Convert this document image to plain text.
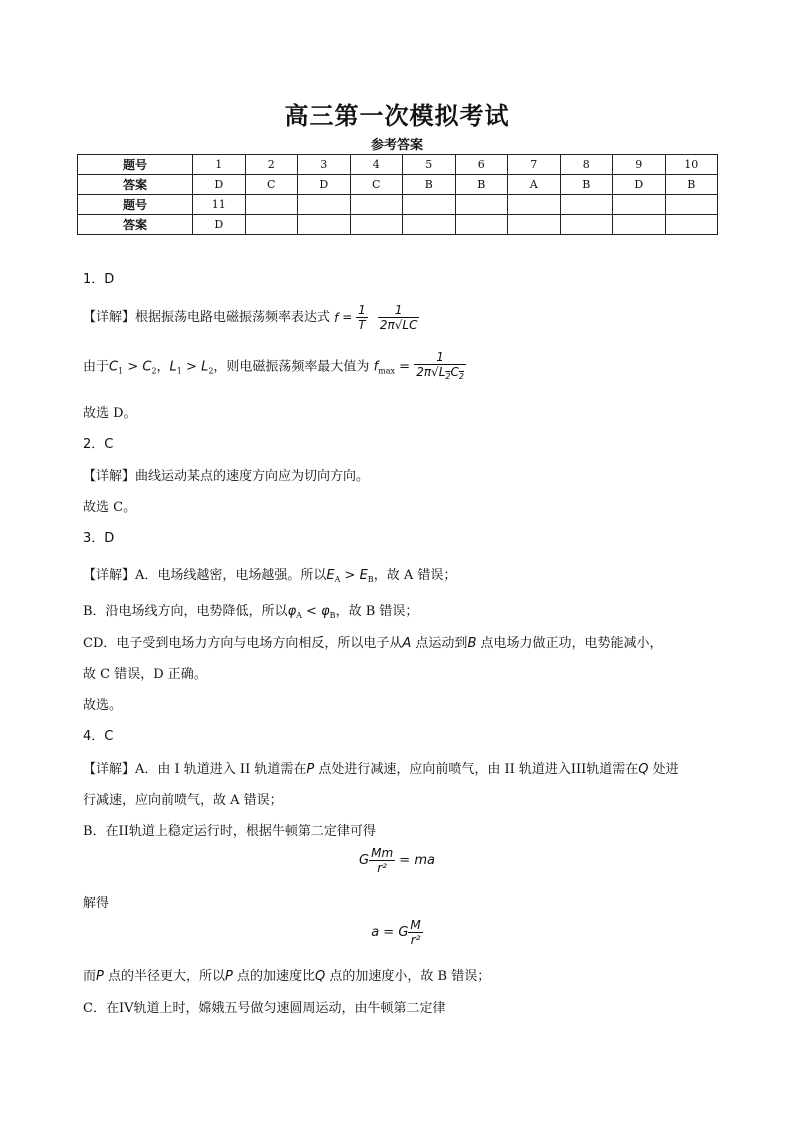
高三第一次模拟考试
参考答案
题号	1	2	3	4	5	6	7	8	9	10
答案	D	C	D	C	B	B	A	B	D	B
题号	11									
答案	D									
1．D
【详解】根据振荡电路电磁振荡频率表达式 $f = \frac{1}{T}$
$\frac{1}{2\pi√LC}$
由于$C_1 > C_2$，$L_1 > L_2$，则电磁振荡频率最大值为 $f_{max} = \frac{1}{2\pi√L_2C_2}$
故选 D。
2．C
【详解】曲线运动某点的速度方向应为切向方向。
故选 C。
3．D
【详解】A．电场线越密，电场越强。所以$E_A > E_B$，故 A 错误；
B．沿电场线方向，电势降低，所以$\varphi_A < \varphi_B$，故 B 错误；
CD．电子受到电场力方向与电场方向相反，所以电子从A 点运动到B 点电场力做正功，电势能减小，
故 C 错误，D 正确。
故选。
4．C
【详解】A．由 I 轨道进入 II 轨道需在P 点处进行减速，应向前喷气，由 II 轨道进入III轨道需在Q 处进
行减速，应向前喷气，故 A 错误；
B．在II轨道上稳定运行时，根据牛顿第二定律可得
G $\frac{Mm}{\text{r²}}$ = ma
解得
a = G $\frac{M}{\text{r²}}$
而P 点的半径更大，所以P 点的加速度比Q 点的加速度小，故 B 错误；
C．在IV轨道上时，嫦娥五号做匀速圆周运动，由牛顿第二定律
